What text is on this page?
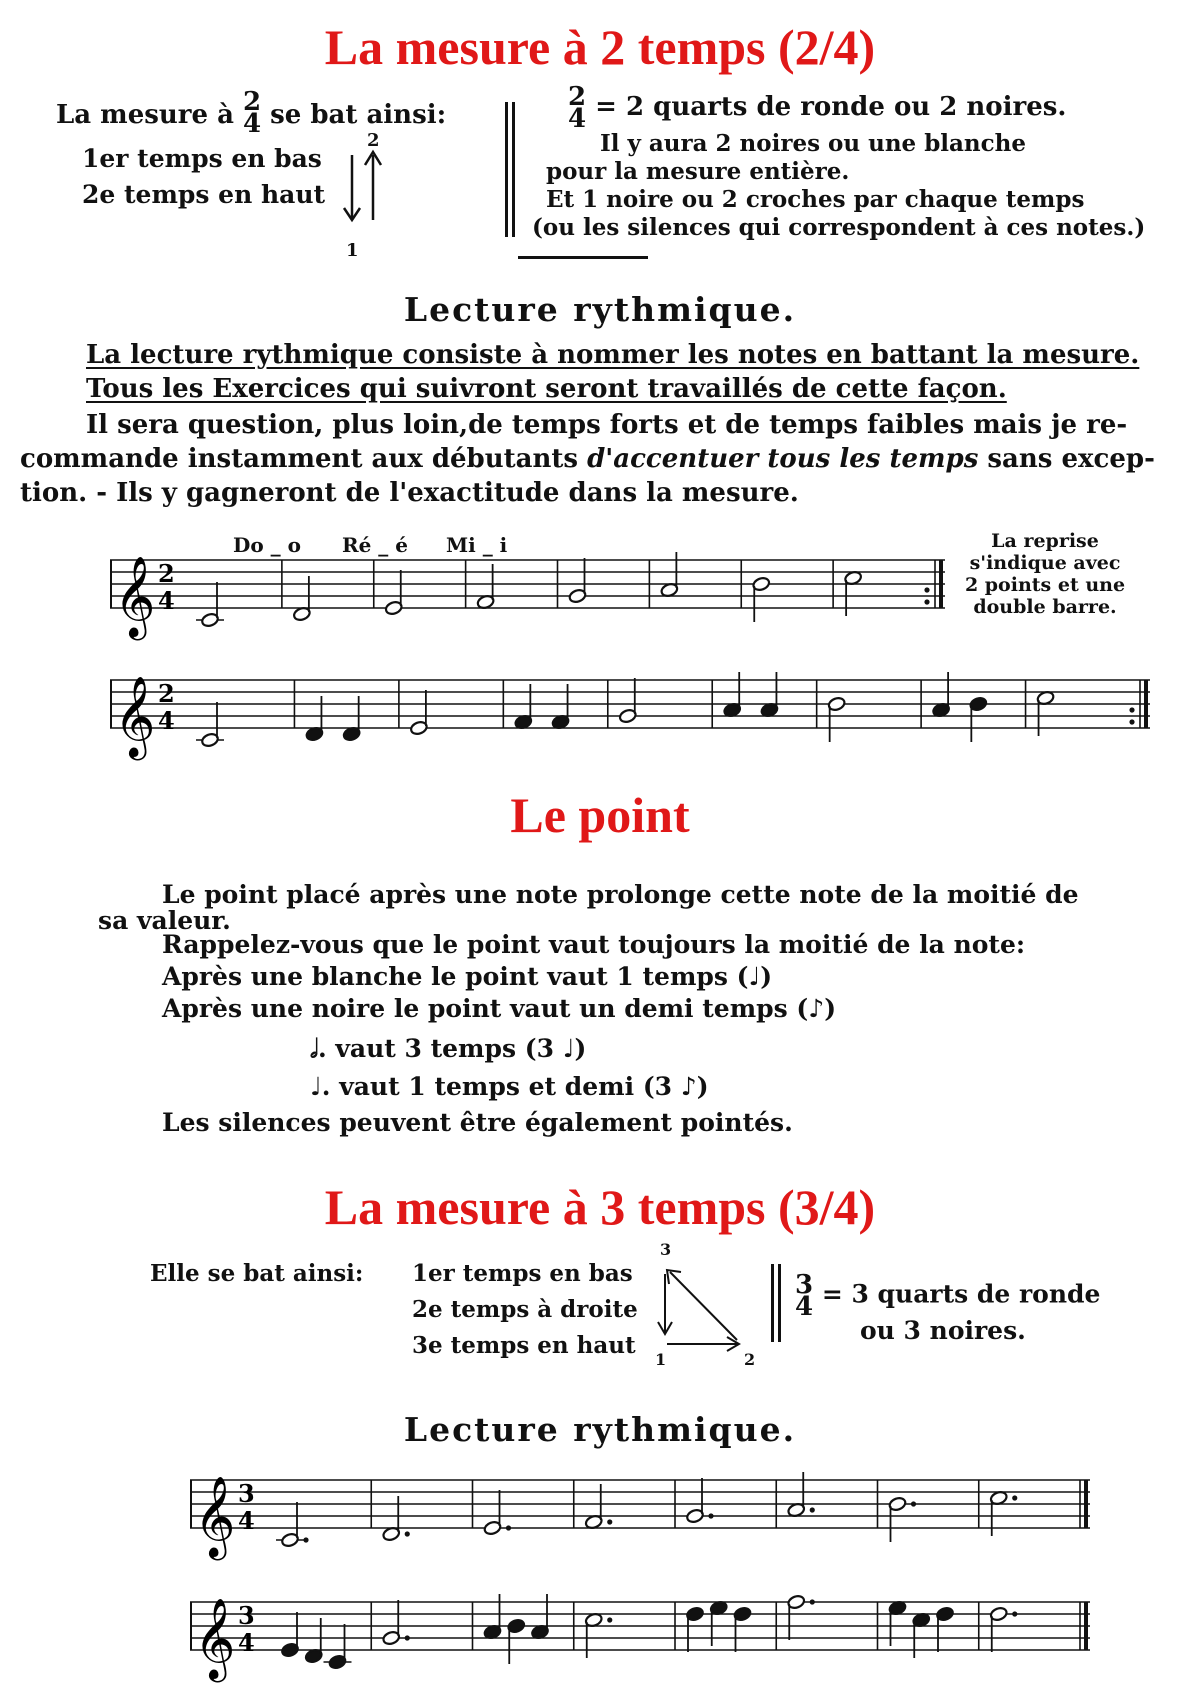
La mesure à 2 temps (2/4)
La mesure à 2
4 se bat ainsi:
1er temps en bas
2e temps en haut
2
1
2
4 = 2 quarts de ronde ou 2 noires.
Il y aura 2 noires ou une blanche
pour la mesure entière.
Et 1 noire ou 2 croches par chaque temps
(ou les silences qui correspondent à ces notes.)
Lecture rythmique.
La lecture rythmique consiste à nommer les notes en battant la mesure.
Tous les Exercices qui suivront seront travaillés de cette façon.
Il sera question, plus loin,de temps forts et de temps faibles mais je re-
commande instamment aux débutants d'accentuer tous les temps sans excep-
tion. - Ils y gagneront de l'exactitude dans la mesure.
Do _ o Ré _ é Mi _ i	La reprise
s'indique avec
2 points et une
double barre.
𝄞 2
4
𝄞 2
4
Le point
Le point placé après une note prolonge cette note de la moitié de
sa valeur.
Rappelez-vous que le point vaut toujours la moitié de la note:
Après une blanche le point vaut 1 temps (♩)
Après une noire le point vaut un demi temps (♪)
𝅗𝅥. vaut 3 temps (3 ♩)
♩. vaut 1 temps et demi (3 ♪)
Les silences peuvent être également pointés.
La mesure à 3 temps (3/4)
Elle se bat ainsi: 1er temps en bas
2e temps à droite
3e temps en haut
3
1	2
3
4 = 3 quarts de ronde
ou 3 noires.
Lecture rythmique.
𝄞 3
4
𝄞 3
4
